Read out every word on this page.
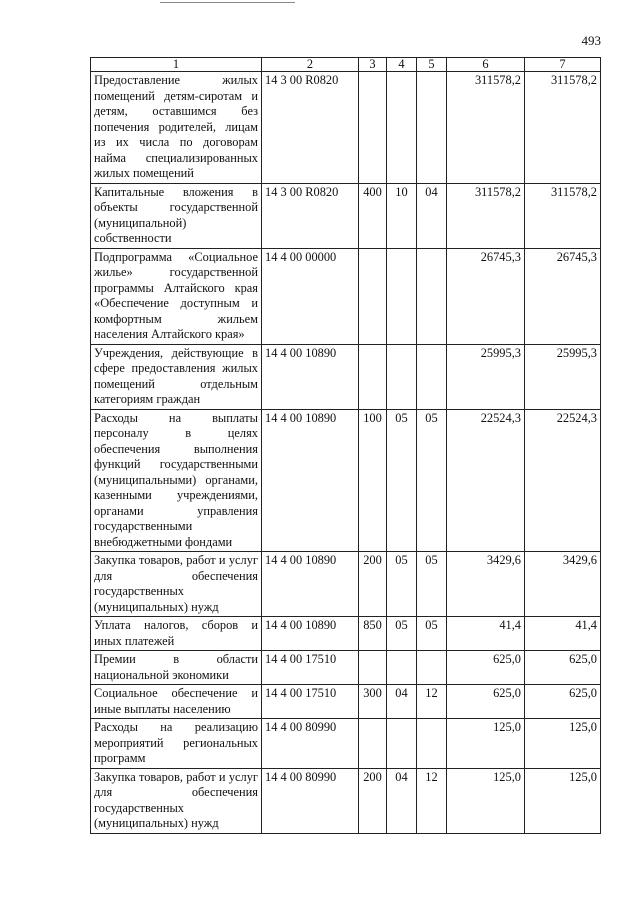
493
1	2	3	4	5	6	7
Предоставление жилых помещений детям-сиротам и детям, оставшимся без попечения родителей, лицам из их числа по договорам найма специализированных жилых помещений	14 3 00 R0820				311578,2	311578,2
Капитальные вложения в объекты государственной (муниципальной) собственности	14 3 00 R0820	400	10	04	311578,2	311578,2
Подпрограмма «Социальное жилье» государственной программы Алтайского края «Обеспечение доступным и комфортным жильем населения Алтайского края»	14 4 00 00000				26745,3	26745,3
Учреждения, действующие в сфере предоставления жилых помещений отдельным категориям граждан	14 4 00 10890				25995,3	25995,3
Расходы на выплаты персоналу в целях обеспечения выполнения функций государственными (муниципальными) органами, казенными учреждениями, органами управления государственными внебюджетными фондами	14 4 00 10890	100	05	05	22524,3	22524,3
Закупка товаров, работ и услуг для обеспечения государственных (муниципальных) нужд	14 4 00 10890	200	05	05	3429,6	3429,6
Уплата налогов, сборов и иных платежей	14 4 00 10890	850	05	05	41,4	41,4
Премии в области национальной экономики	14 4 00 17510				625,0	625,0
Социальное обеспечение и иные выплаты населению	14 4 00 17510	300	04	12	625,0	625,0
Расходы на реализацию мероприятий региональных программ	14 4 00 80990				125,0	125,0
Закупка товаров, работ и услуг для обеспечения государственных (муниципальных) нужд	14 4 00 80990	200	04	12	125,0	125,0
